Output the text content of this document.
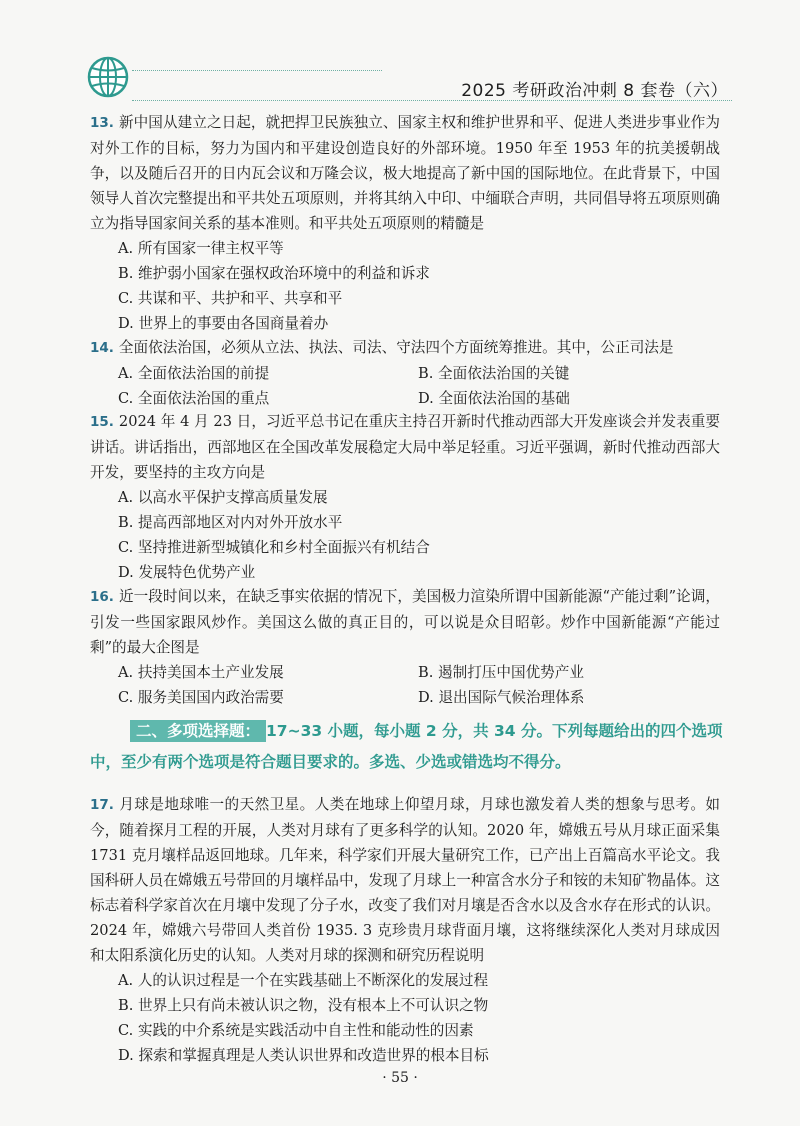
2025 考研政治冲刺 8 套卷（六）
13. 新中国从建立之日起，就把捍卫民族独立、国家主权和维护世界和平、促进人类进步事业作为对外工作的目标，努力为国内和平建设创造良好的外部环境。1950 年至 1953 年的抗美援朝战争，以及随后召开的日内瓦会议和万隆会议，极大地提高了新中国的国际地位。在此背景下，中国领导人首次完整提出和平共处五项原则，并将其纳入中印、中缅联合声明，共同倡导将五项原则确立为指导国家间关系的基本准则。和平共处五项原则的精髓是
A. 所有国家一律主权平等
B. 维护弱小国家在强权政治环境中的利益和诉求
C. 共谋和平、共护和平、共享和平
D. 世界上的事要由各国商量着办
14. 全面依法治国，必须从立法、执法、司法、守法四个方面统筹推进。其中，公正司法是
A. 全面依法治国的前提	B. 全面依法治国的关键
C. 全面依法治国的重点	D. 全面依法治国的基础
15. 2024 年 4 月 23 日，习近平总书记在重庆主持召开新时代推动西部大开发座谈会并发表重要讲话。讲话指出，西部地区在全国改革发展稳定大局中举足轻重。习近平强调，新时代推动西部大开发，要坚持的主攻方向是
A. 以高水平保护支撑高质量发展
B. 提高西部地区对内对外开放水平
C. 坚持推进新型城镇化和乡村全面振兴有机结合
D. 发展特色优势产业
16. 近一段时间以来，在缺乏事实依据的情况下，美国极力渲染所谓中国新能源“产能过剩”论调，引发一些国家跟风炒作。美国这么做的真正目的，可以说是众目昭彰。炒作中国新能源“产能过剩”的最大企图是
A. 扶持美国本土产业发展	B. 遏制打压中国优势产业
C. 服务美国国内政治需要	D. 退出国际气候治理体系
二、多项选择题： 17~33 小题，每小题 2 分，共 34 分。下列每题给出的四个选项中，至少有两个选项是符合题目要求的。多选、少选或错选均不得分。
17. 月球是地球唯一的天然卫星。人类在地球上仰望月球，月球也激发着人类的想象与思考。如今，随着探月工程的开展，人类对月球有了更多科学的认知。2020 年，嫦娥五号从月球正面采集 1731 克月壤样品返回地球。几年来，科学家们开展大量研究工作，已产出上百篇高水平论文。我国科研人员在嫦娥五号带回的月壤样品中，发现了月球上一种富含水分子和铵的未知矿物晶体。这标志着科学家首次在月壤中发现了分子水，改变了我们对月壤是否含水以及含水存在形式的认识。2024 年，嫦娥六号带回人类首份 1935. 3 克珍贵月球背面月壤，这将继续深化人类对月球成因和太阳系演化历史的认知。人类对月球的探测和研究历程说明
A. 人的认识过程是一个在实践基础上不断深化的发展过程
B. 世界上只有尚未被认识之物，没有根本上不可认识之物
C. 实践的中介系统是实践活动中自主性和能动性的因素
D. 探索和掌握真理是人类认识世界和改造世界的根本目标
· 55 ·
